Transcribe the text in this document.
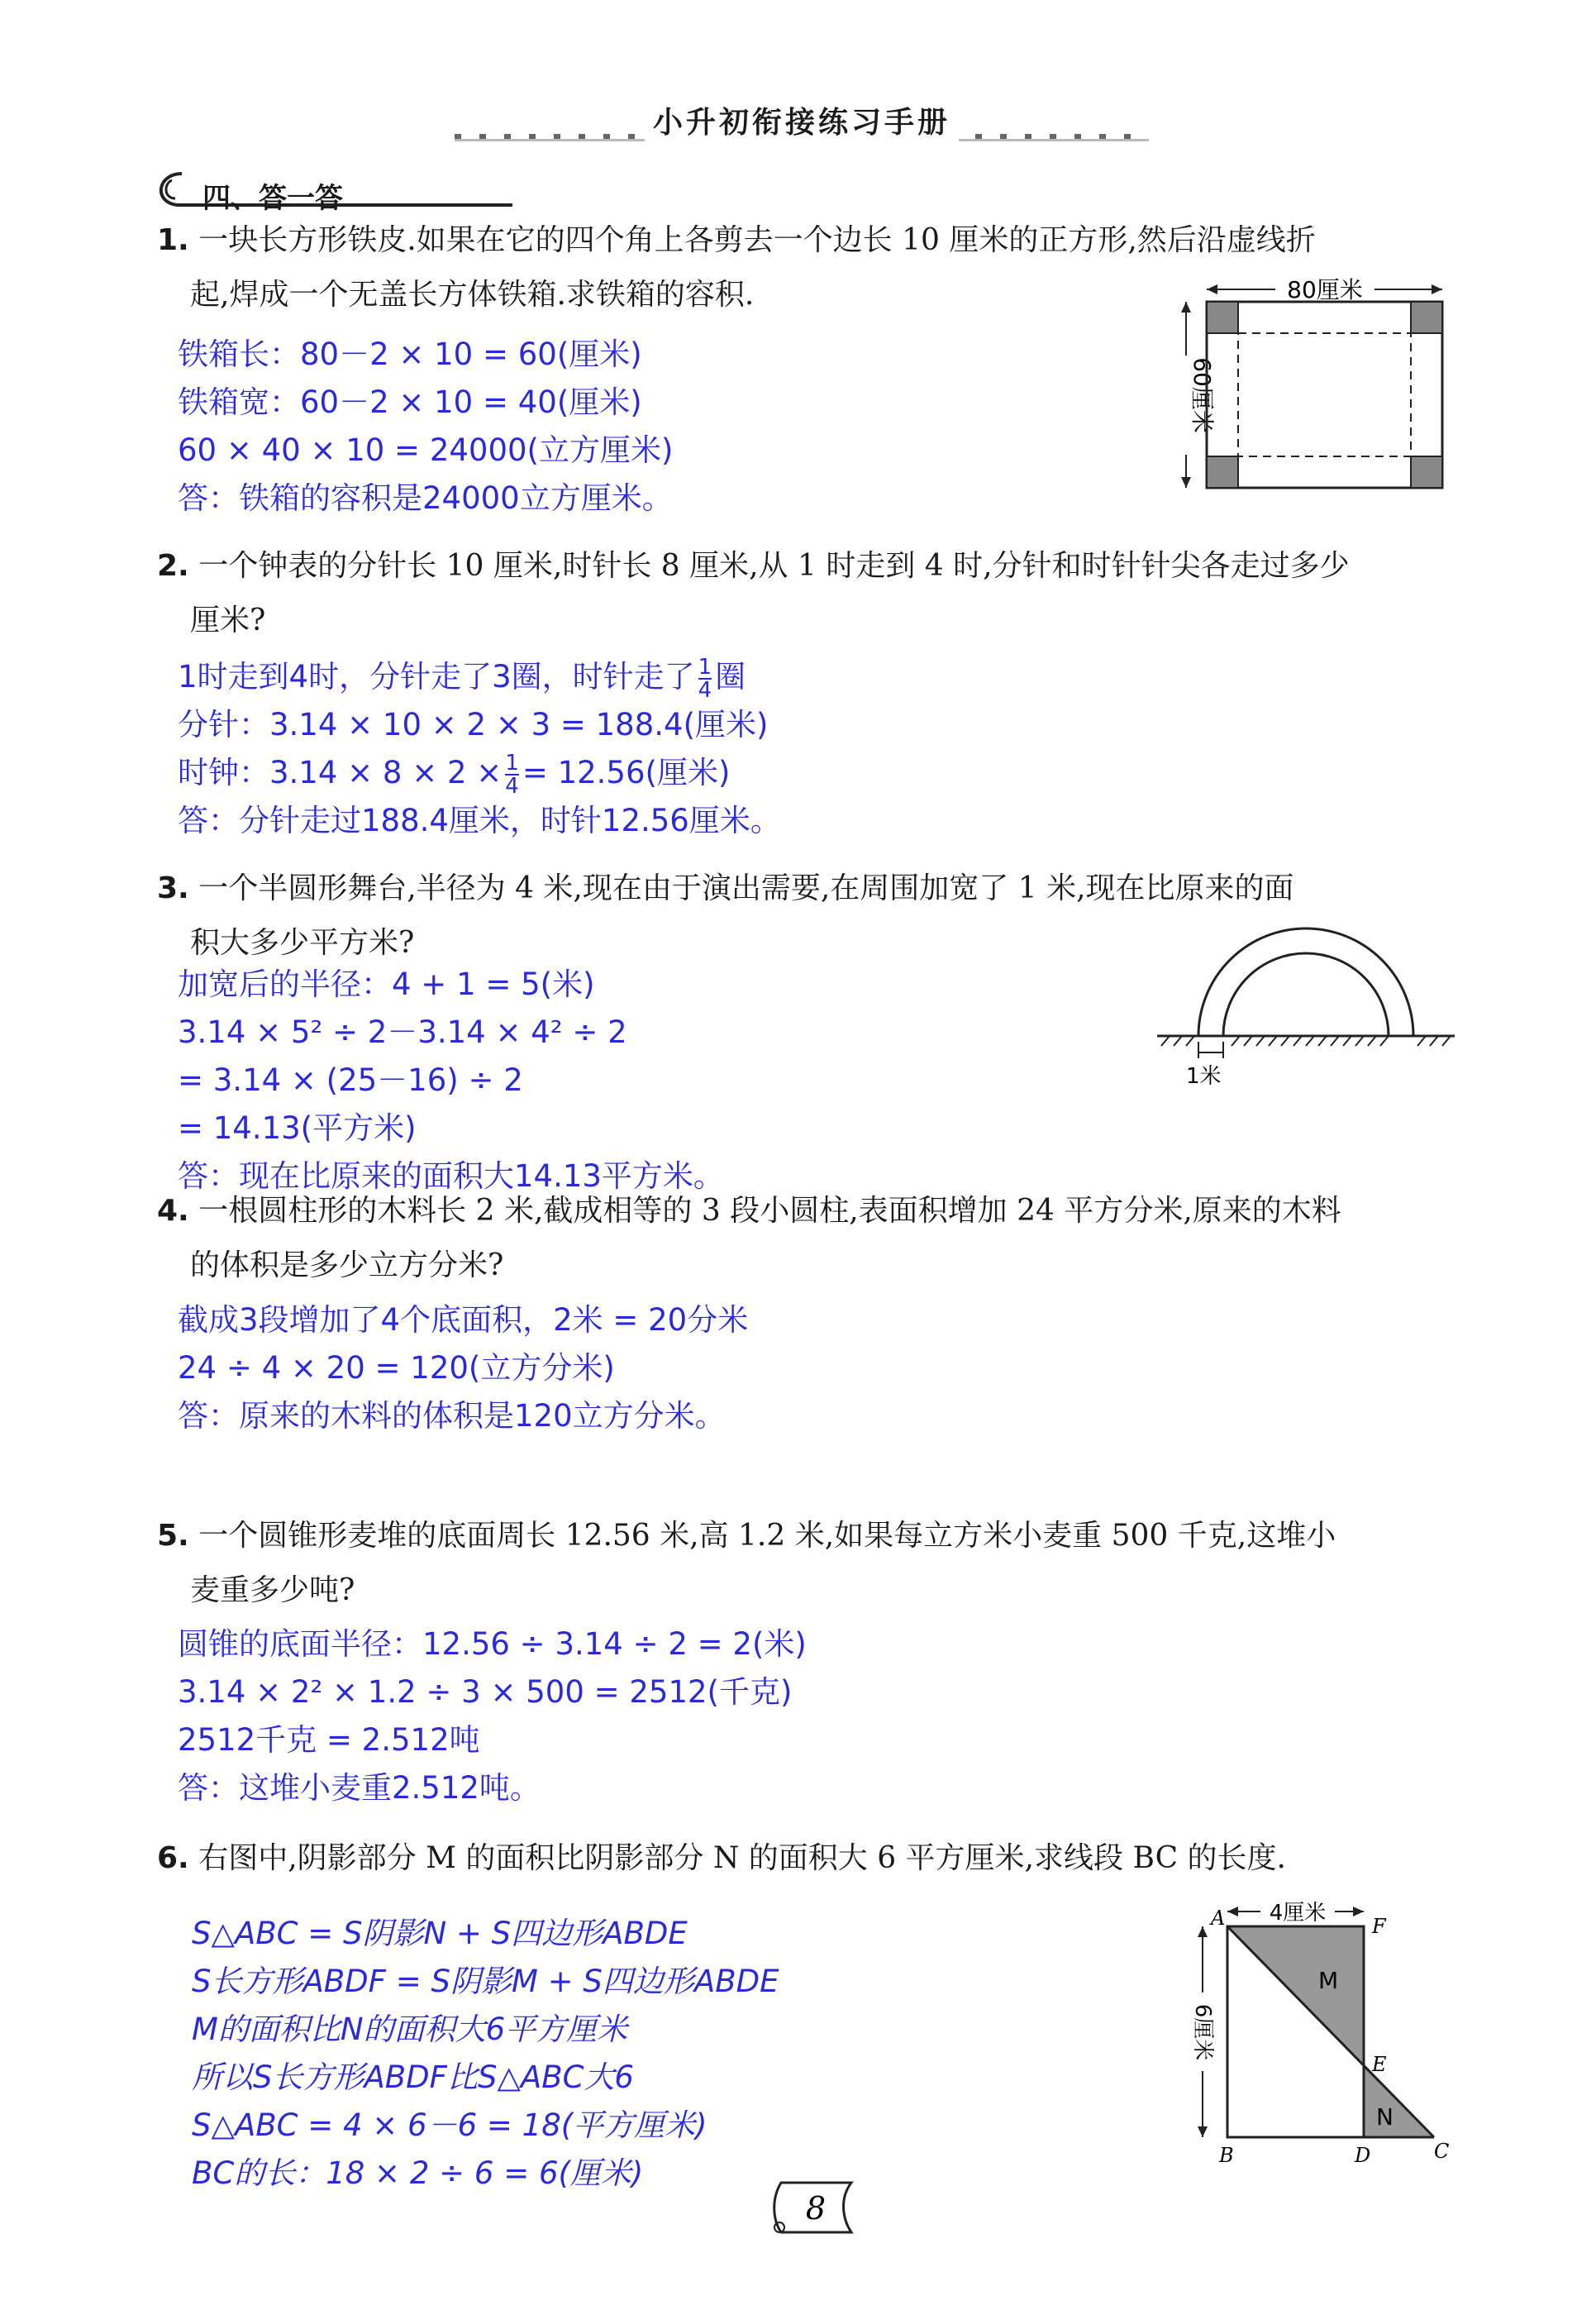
小升初衔接练习手册
四、答一答
1. 一块长方形铁皮.如果在它的四个角上各剪去一个边长 10 厘米的正方形,然后沿虚线折
起,焊成一个无盖长方体铁箱.求铁箱的容积.
铁箱长：80－2 × 10 = 60(厘米)
铁箱宽：60－2 × 10 = 40(厘米)
60 × 40 × 10 = 24000(立方厘米)
答：铁箱的容积是24000立方厘米。
80厘米
60厘米
2. 一个钟表的分针长 10 厘米,时针长 8 厘米,从 1 时走到 4 时,分针和时针针尖各走过多少
厘米?
1时走到4时，分针走了3圈，时针走了 $\frac{1}{4}$ 圈
分针：3.14 × 10 × 2 × 3 = 188.4(厘米)
时钟：$3.14 \times 8 \times 2 \times \frac{1}{4} = 12.56$(厘米)
答：分针走过188.4厘米，时针12.56厘米。
3. 一个半圆形舞台,半径为 4 米,现在由于演出需要,在周围加宽了 1 米,现在比原来的面
积大多少平方米?
加宽后的半径：4 + 1 = 5(米)
3.14 × 5² ÷ 2－3.14 × 4² ÷ 2
= 3.14 × (25－16) ÷ 2
= 14.13(平方米)
答：现在比原来的面积大14.13平方米。
1米
4. 一根圆柱形的木料长 2 米,截成相等的 3 段小圆柱,表面积增加 24 平方分米,原来的木料
的体积是多少立方分米?
截成3段增加了4个底面积，2米 = 20分米
24 ÷ 4 × 20 = 120(立方分米)
答：原来的木料的体积是120立方分米。
5. 一个圆锥形麦堆的底面周长 12.56 米,高 1.2 米,如果每立方米小麦重 500 千克,这堆小
麦重多少吨?
圆锥的底面半径：12.56 ÷ 3.14 ÷ 2 = 2(米)
3.14 × 2² × 1.2 ÷ 3 × 500 = 2512(千克)
2512千克 = 2.512吨
答：这堆小麦重2.512吨。
6. 右图中,阴影部分 M 的面积比阴影部分 N 的面积大 6 平方厘米,求线段 BC 的长度.
S△ABC = S阴影N + S四边形ABDE
S长方形ABDF = S阴影M + S四边形ABDE
M的面积比N的面积大6平方厘米
所以S长方形ABDF比S△ABC大6
S△ABC = 4 × 6－6 = 18(平方厘米)
BC的长：18 × 2 ÷ 6 = 6(厘米)
4厘米
6厘米
A	F
E
B	D	C
M
N
8
